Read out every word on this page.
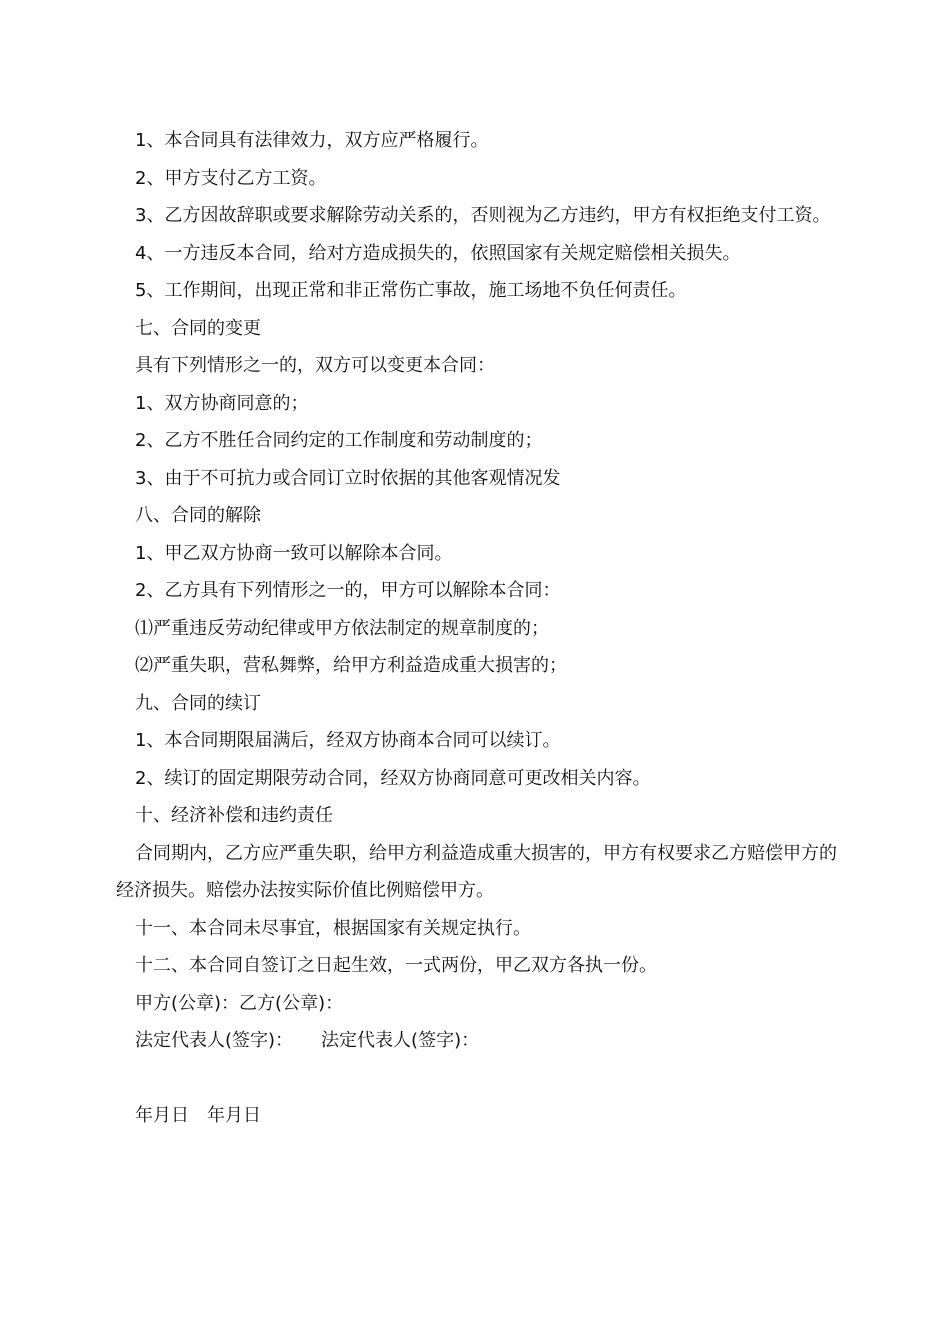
1、本合同具有法律效力，双方应严格履行。

2、甲方支付乙方工资。

3、乙方因故辞职或要求解除劳动关系的，否则视为乙方违约，甲方有权拒绝支付工资。

4、一方违反本合同，给对方造成损失的，依照国家有关规定赔偿相关损失。

5、工作期间，出现正常和非正常伤亡事故，施工场地不负任何责任。

七、合同的变更

具有下列情形之一的，双方可以变更本合同：

1、双方协商同意的；

2、乙方不胜任合同约定的工作制度和劳动制度的；

3、由于不可抗力或合同订立时依据的其他客观情况发

八、合同的解除

1、甲乙双方协商一致可以解除本合同。

2、乙方具有下列情形之一的，甲方可以解除本合同：

⑴严重违反劳动纪律或甲方依法制定的规章制度的；

⑵严重失职，营私舞弊，给甲方利益造成重大损害的；

九、合同的续订

1、本合同期限届满后，经双方协商本合同可以续订。

2、续订的固定期限劳动合同，经双方协商同意可更改相关内容。

十、经济补偿和违约责任

合同期内，乙方应严重失职，给甲方利益造成重大损害的，甲方有权要求乙方赔偿甲方的经济损失。赔偿办法按实际价值比例赔偿甲方。

十一、本合同未尽事宜，根据国家有关规定执行。

十二、本合同自签订之日起生效，一式两份，甲乙双方各执一份。

甲方(公章)：乙方(公章)：

法定代表人(签字)： 法定代表人(签字)：

年月日 年月日
